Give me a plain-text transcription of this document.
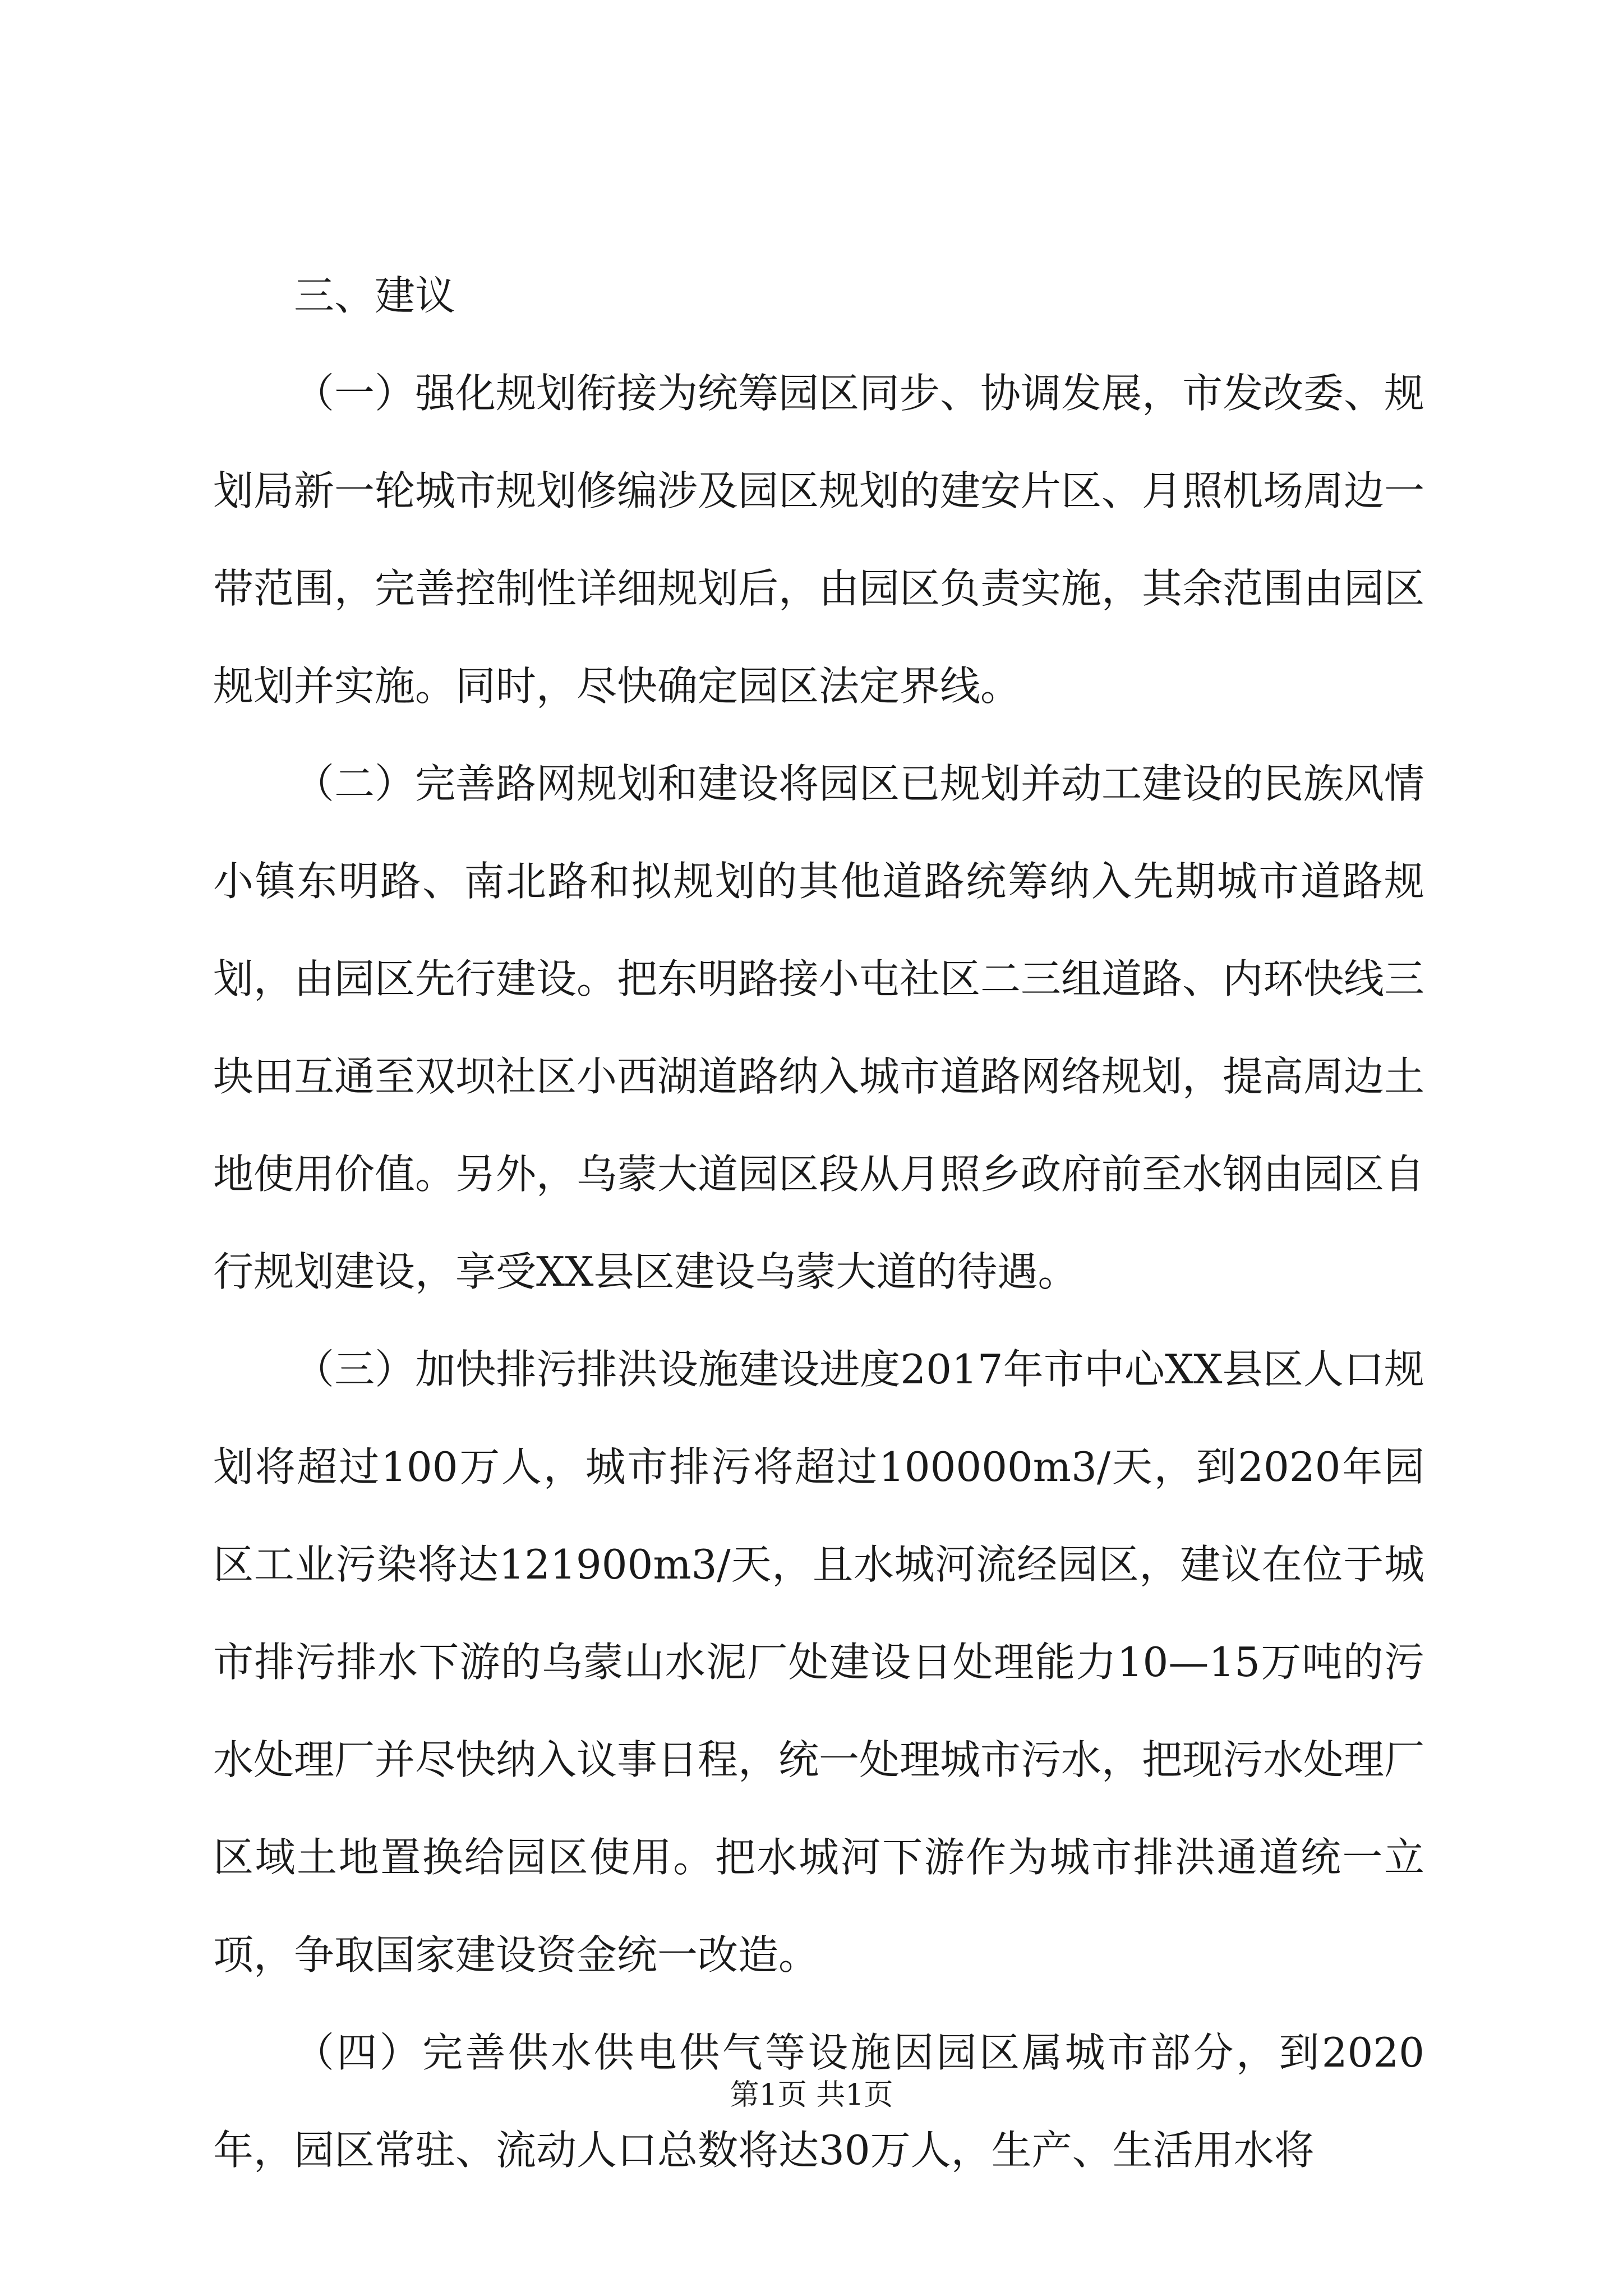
三、建议

（一）强化规划衔接为统筹园区同步、协调发展，市发改委、规划局新一轮城市规划修编涉及园区规划的建安片区、月照机场周边一带范围，完善控制性详细规划后，由园区负责实施，其余范围由园区规划并实施。同时，尽快确定园区法定界线。

（二）完善路网规划和建设将园区已规划并动工建设的民族风情小镇东明路、南北路和拟规划的其他道路统筹纳入先期城市道路规划，由园区先行建设。把东明路接小屯社区二三组道路、内环快线三块田互通至双坝社区小西湖道路纳入城市道路网络规划，提高周边土地使用价值。另外，乌蒙大道园区段从月照乡政府前至水钢由园区自行规划建设，享受XX县区建设乌蒙大道的待遇。

（三）加快排污排洪设施建设进度2017年市中心XX县区人口规划将超过100万人，城市排污将超过100000m3/天，到2020年园区工业污染将达121900m3/天，且水城河流经园区，建议在位于城市排污排水下游的乌蒙山水泥厂处建设日处理能力10—15万吨的污水处理厂并尽快纳入议事日程，统一处理城市污水，把现污水处理厂区域土地置换给园区使用。把水城河下游作为城市排洪通道统一立项，争取国家建设资金统一改造。

（四）完善供水供电供气等设施因园区属城市部分，到2020年，园区常驻、流动人口总数将达30万人，生产、生活用水将

第1页 共1页
